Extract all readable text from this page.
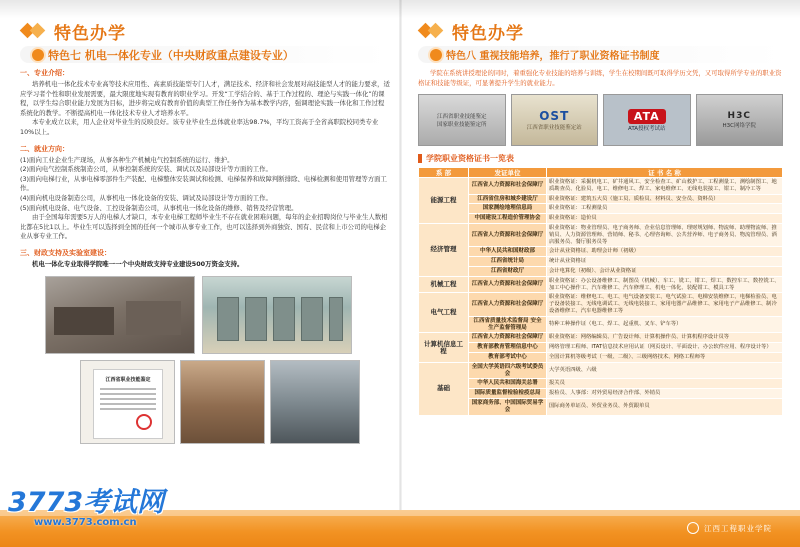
特色办学
特色七 机电一体化专业（中央财政重点建设专业）
一、专业介绍：
培养机电一体化技术专业高等技术应用性、高素质技能型专门人才，满足技术、经济和社会发展对高技能型人才的能力要求，适应学习者个性和职业发展需要，最大限度地实现有教育的职业学习。开发“工学结合的、基于工作过程的、理论与实践一体化”的课程，以学生综合职业能力发展为目标，进步将完成有教育价值的典型工作任务作为基本教学内容，强调理论实践一体化和工作过程系统化的教学。不断提高机电一体化技术专业人才培养水平。
本专业成立以来，用人企业对毕业生的反映良好。该专业毕业生总体就业率达98.7%，平均工资高于全省高职院校同类专业10%以上。
二、就业方向：
(1)面向工业企业生产现场，从事各种生产机械电气控制系统的运行、维护。
(2)面向电气控制系统制造公司，从事控制系统的安装、调试以及局部设计等方面的工作。
(3)面向电梯行业，从事电梯零部件生产装配、电梯整体安装调试和检测、电梯保养和故障判断排除、电梯检测和使用管理等方面工作。
(4)面向机电设备制造公司，从事机电一体化设备的安装、调试及局部设计等方面的工作。
(5)面向机电设备、电气设备、工控设备制造公司，从事机电一体化设备的维修、销售及经营管理。
由于全国每年需要5万人的电梯人才缺口，本专业电梯工程师毕业生不存在就业困难问题，每年的企业招聘岗位与毕业生人数相比都在5比1以上。毕业生可以选择到全国的任何一个城市从事专业工作，也可以选择到外商独资、国有、民营和上市公司的电梯企业从事专业工作。
三、财政支持及实验室建设：
机电一体化专业取得学院唯一一个中央财政支持专业建设500万资金支持。
江西省职业技能鉴定
特色办学
特色八 重视技能培养，推行了职业资格证书制度
学院在系统讲授理论的同时，着重强化专业技能的培养与训练，学生在校期间既可取得学历文凭，又可取得所学专业的职业资格证和技能等级证，可显著提升学生的就业能力。
江西省职业技能鉴定
国家职业技能鉴定所
OST
江西省职业技能鉴定站
ATA
ATA授权考试站
H3C
H3C网络学院
学院职业资格证书一览表
系 部	发证单位	证 书 名 称
能源工程	江西省人力资源和社会保障厅	职业资格证：采掘机电工、矿井通风工、安全检查工、矿山救护工、工程测量工、测绘制图工、地质勘查员、化验员、电工、维修电工、焊工、家电维修工、无线电装接工、钳工、制冷工等
	江西省住房和城乡建设厅	职业资格证：建筑五大员（施工员、质检员、材料员、安全员、资料员）
	国家测绘地理信息局	职业资格证：工程测量员
	中国建设工程造价管理协会	职业资格证：造价员
经济管理	江西省人力资源和社会保障厅	职业资格证：物业管理员、电子商务师、企业信息管理师、理财规划师、物流师、助理物流师、推销员、人力资源管理师、营销师、秘书、心理咨询师、公共营养师、电子商务员、物流管理员、酒店服务员、餐厅服务员等
	中华人民共和国财政部	会计从业资格证、助理会计师（初级）
	江西省统计局	统计从业资格证
	江西省财政厅	会计电算化（初级）、会计从业资格证
机械工程	江西省人力资源和社会保障厅	职业资格证：办公设备维修工、制图员（机械）、车工、铣工、钳工、焊工、数控车工、数控铣工、加工中心操作工、汽车维修工、汽车修理工、机电一体化、装配钳工、模具工等
电气工程	江西省人力资源和社会保障厅	职业资格证：维修电工、电工、电气设备安装工、电气试验工、电梯安装维修工、电梯检验员、电子设备装接工、无线电调试工、无线电装接工、家用电器产品维修工、家用电子产品维修工、制冷设备维修工、汽车电器维修工等
	江西省质量技术监督局 安全生产监督管理局	特种工种操作证（电工、焊工、起重机、叉车、铲车等）
计算机信息工程	江西省人力资源和社会保障厅	职业资格证：网络编辑员、广告设计师、计算机操作员、计算机程序设计员等
	教育部教育管理信息中心	网络管理工程师、ITAT信息技术应用认证（网页设计、平面设计、办公软件应用、程序设计等）
	教育部考试中心	全国计算机等级考试（一级、二级）、三级网络技术、网络工程师等
基础	全国大学英语四六级考试委员会	大学英语四级、六级
	中华人民共和国海关总署	报关员
	国际质量监督检验检疫总局	报检员、人事部：对外贸易经济合作部、外销员
	国家商务部、中国国际贸易学会	国际商务单证员、外贸业务员、外贸跟单员
江西工程职业学院
3773考试网
www.3773.com.cn
